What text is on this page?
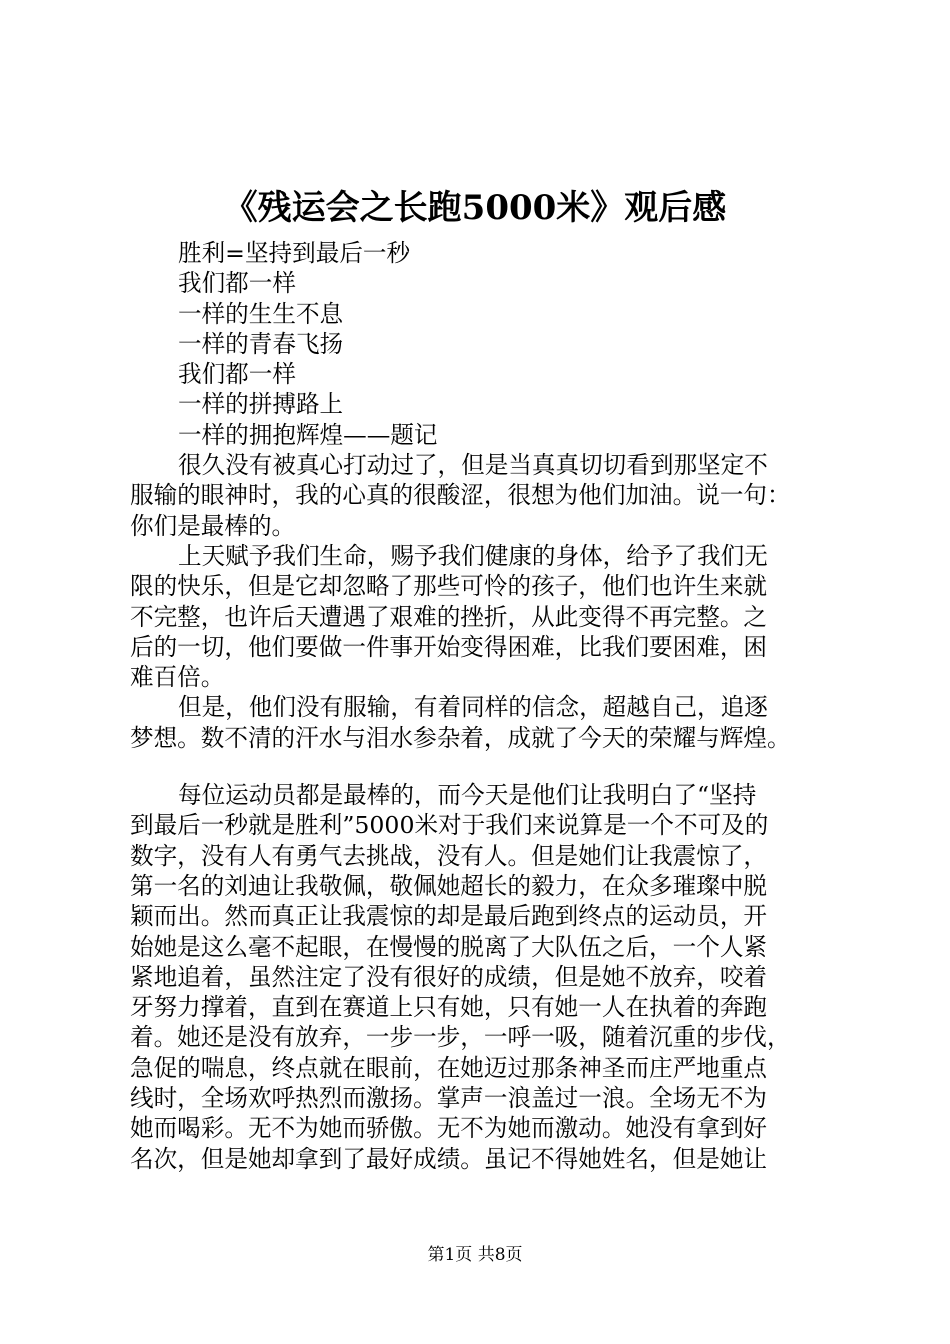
《残运会之长跑5000米》观后感
胜利=坚持到最后一秒
我们都一样
一样的生生不息
一样的青春飞扬
我们都一样
一样的拼搏路上
一样的拥抱辉煌——题记
很久没有被真心打动过了，但是当真真切切看到那坚定不
服输的眼神时，我的心真的很酸涩，很想为他们加油。说一句：
你们是最棒的。
上天赋予我们生命，赐予我们健康的身体，给予了我们无
限的快乐，但是它却忽略了那些可怜的孩子，他们也许生来就
不完整，也许后天遭遇了艰难的挫折，从此变得不再完整。之
后的一切，他们要做一件事开始变得困难，比我们要困难，困
难百倍。
但是，他们没有服输，有着同样的信念，超越自己，追逐
梦想。数不清的汗水与泪水参杂着，成就了今天的荣耀与辉煌。
每位运动员都是最棒的，而今天是他们让我明白了“坚持
到最后一秒就是胜利”5000米对于我们来说算是一个不可及的
数字，没有人有勇气去挑战，没有人。但是她们让我震惊了，
第一名的刘迪让我敬佩，敬佩她超长的毅力，在众多璀璨中脱
颖而出。然而真正让我震惊的却是最后跑到终点的运动员，开
始她是这么毫不起眼，在慢慢的脱离了大队伍之后，一个人紧
紧地追着，虽然注定了没有很好的成绩，但是她不放弃，咬着
牙努力撑着，直到在赛道上只有她，只有她一人在执着的奔跑
着。她还是没有放弃，一步一步，一呼一吸，随着沉重的步伐，
急促的喘息，终点就在眼前，在她迈过那条神圣而庄严地重点
线时，全场欢呼热烈而激扬。掌声一浪盖过一浪。全场无不为
她而喝彩。无不为她而骄傲。无不为她而激动。她没有拿到好
名次，但是她却拿到了最好成绩。虽记不得她姓名，但是她让
第1页 共8页
